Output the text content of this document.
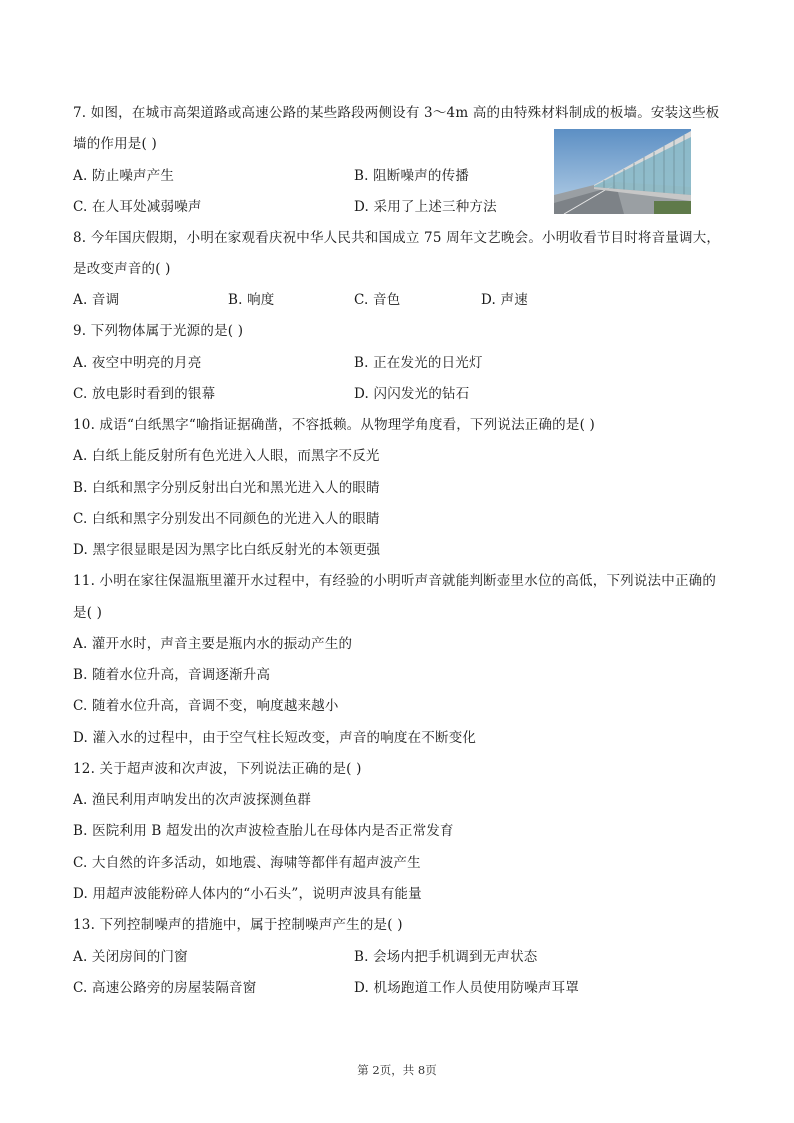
7. 如图，在城市高架道路或高速公路的某些路段两侧设有 3～4m 高的由特殊材料制成的板墙。安装这些板
墙的作用是( )
A. 防止噪声产生	B. 阻断噪声的传播
C. 在人耳处减弱噪声	D. 采用了上述三种方法
8. 今年国庆假期，小明在家观看庆祝中华人民共和国成立 75 周年文艺晚会。小明收看节目时将音量调大，
是改变声音的( )
A. 音调	B. 响度	C. 音色	D. 声速
9. 下列物体属于光源的是( )
A. 夜空中明亮的月亮	B. 正在发光的日光灯
C. 放电影时看到的银幕	D. 闪闪发光的钻石
10. 成语“白纸黑字“喻指证据确凿，不容抵赖。从物理学角度看，下列说法正确的是( )
A. 白纸上能反射所有色光进入人眼，而黑字不反光
B. 白纸和黑字分别反射出白光和黑光进入人的眼睛
C. 白纸和黑字分别发出不同颜色的光进入人的眼睛
D. 黑字很显眼是因为黑字比白纸反射光的本领更强
11. 小明在家往保温瓶里灌开水过程中，有经验的小明听声音就能判断壶里水位的高低，下列说法中正确的
是( )
A. 灌开水时，声音主要是瓶内水的振动产生的
B. 随着水位升高，音调逐渐升高
C. 随着水位升高，音调不变，响度越来越小
D. 灌入水的过程中，由于空气柱长短改变，声音的响度在不断变化
12. 关于超声波和次声波，下列说法正确的是( )
A. 渔民利用声呐发出的次声波探测鱼群
B. 医院利用 B 超发出的次声波检查胎儿在母体内是否正常发育
C. 大自然的许多活动，如地震、海啸等都伴有超声波产生
D. 用超声波能粉碎人体内的“小石头”，说明声波具有能量
13. 下列控制噪声的措施中，属于控制噪声产生的是( )
A. 关闭房间的门窗	B. 会场内把手机调到无声状态
C. 高速公路旁的房屋装隔音窗	D. 机场跑道工作人员使用防噪声耳罩
第 2页，共 8页
